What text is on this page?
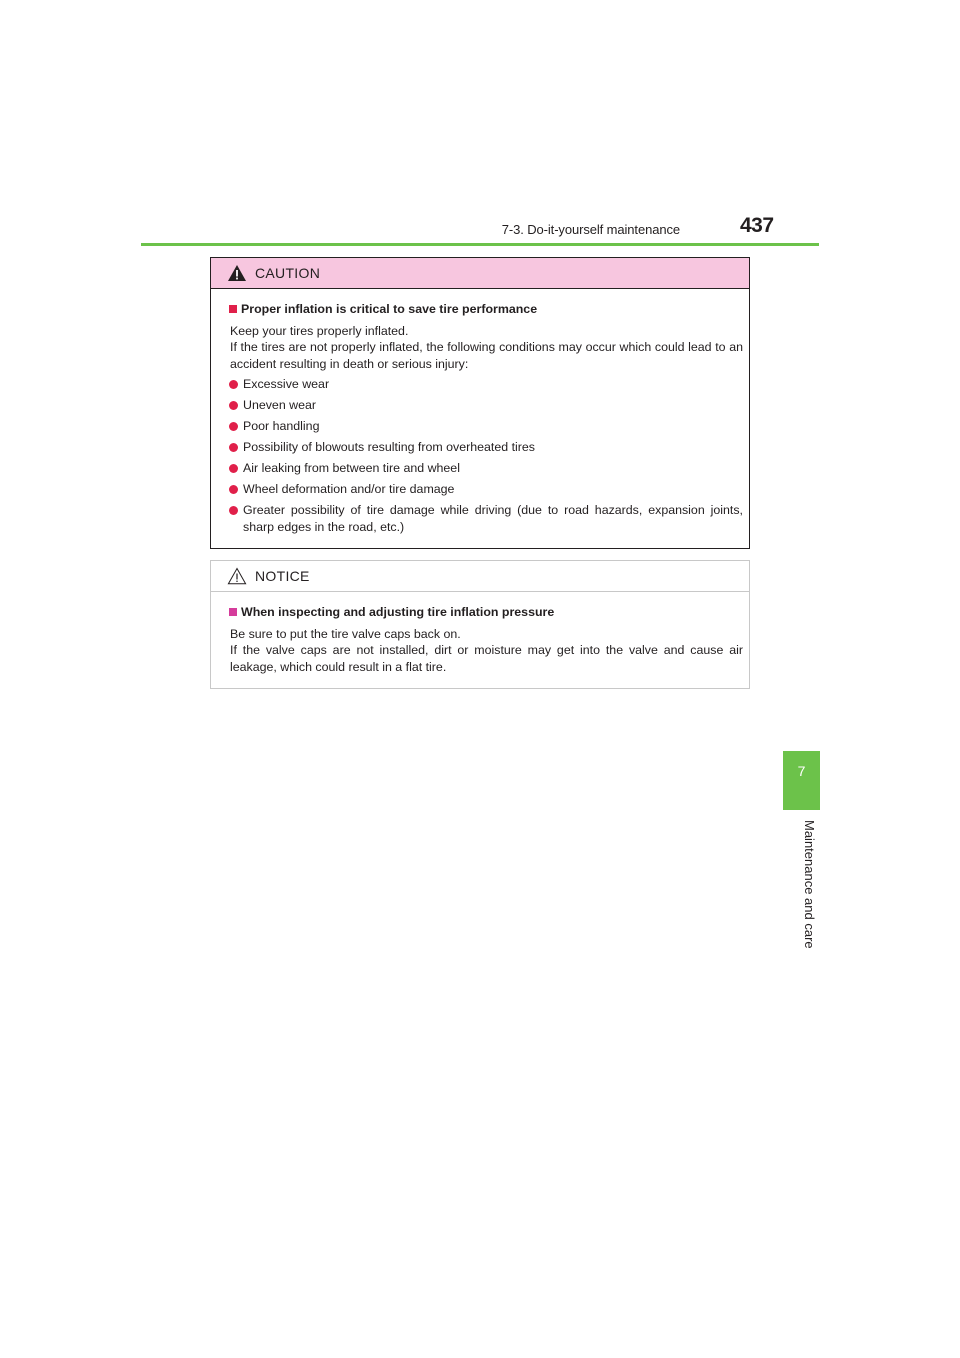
7-3. Do-it-yourself maintenance	437
7
Maintenance and care
CAUTION
Proper inflation is critical to save tire performance

Keep your tires properly inflated.

If the tires are not properly inflated, the following conditions may occur which could lead to an accident resulting in death or serious injury:

Excessive wear
Uneven wear
Poor handling
Possibility of blowouts resulting from overheated tires
Air leaking from between tire and wheel
Wheel deformation and/or tire damage
Greater possibility of tire damage while driving (due to road hazards, expansion joints, sharp edges in the road, etc.)
NOTICE
When inspecting and adjusting tire inflation pressure

Be sure to put the tire valve caps back on.

If the valve caps are not installed, dirt or moisture may get into the valve and cause air leakage, which could result in a flat tire.
